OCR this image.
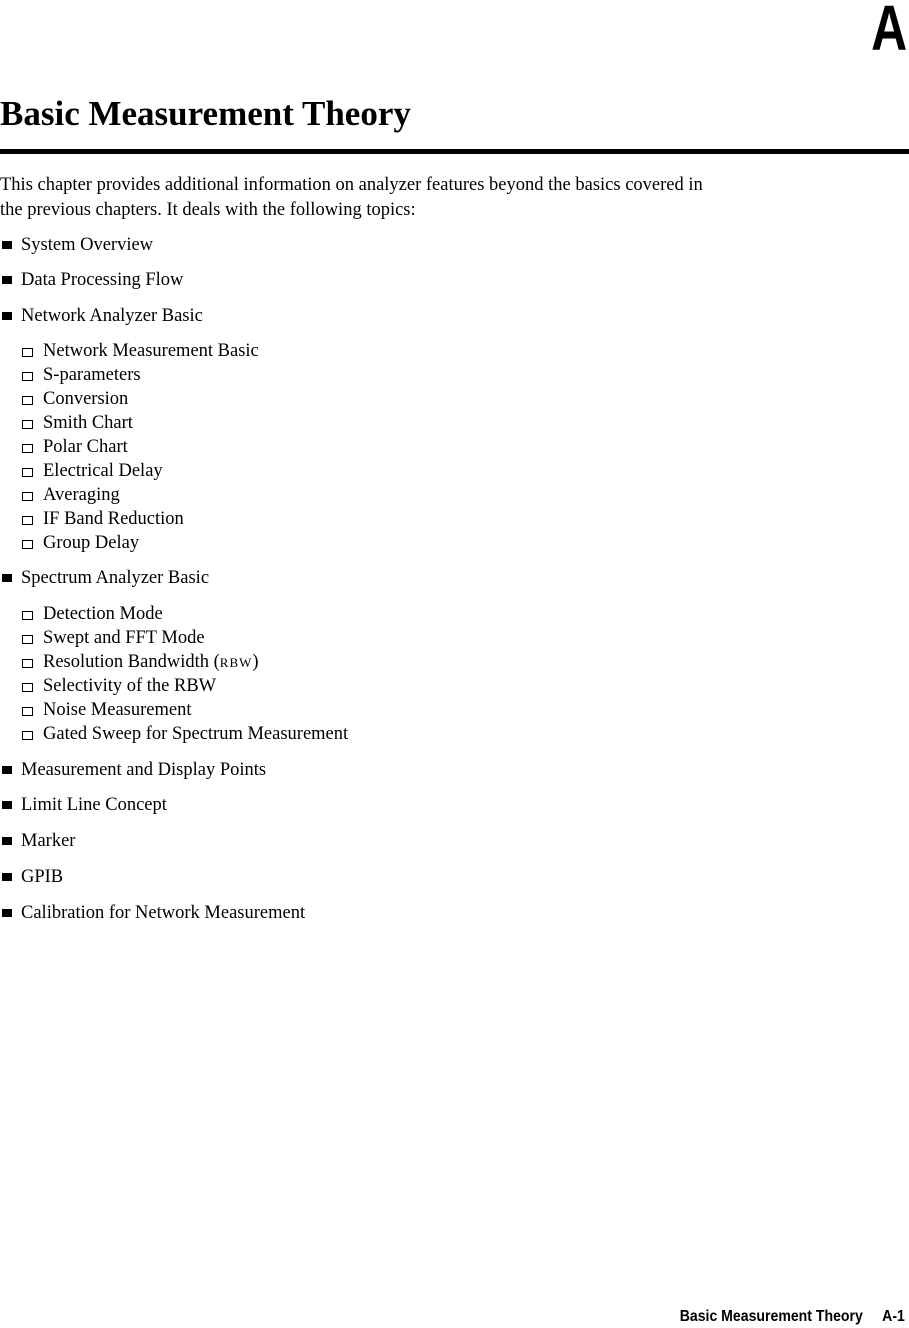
A
Basic Measurement Theory
This chapter provides additional information on analyzer features beyond the basics covered in
the previous chapters. It deals with the following topics:
System Overview
Data Processing Flow
Network Analyzer Basic
Network Measurement Basic
S-parameters
Conversion
Smith Chart
Polar Chart
Electrical Delay
Averaging
IF Band Reduction
Group Delay
Spectrum Analyzer Basic
Detection Mode
Swept and FFT Mode
Resolution Bandwidth (RBW)
Selectivity of the RBW
Noise Measurement
Gated Sweep for Spectrum Measurement
Measurement and Display Points
Limit Line Concept
Marker
GPIB
Calibration for Network Measurement
Basic Measurement Theory A-1
